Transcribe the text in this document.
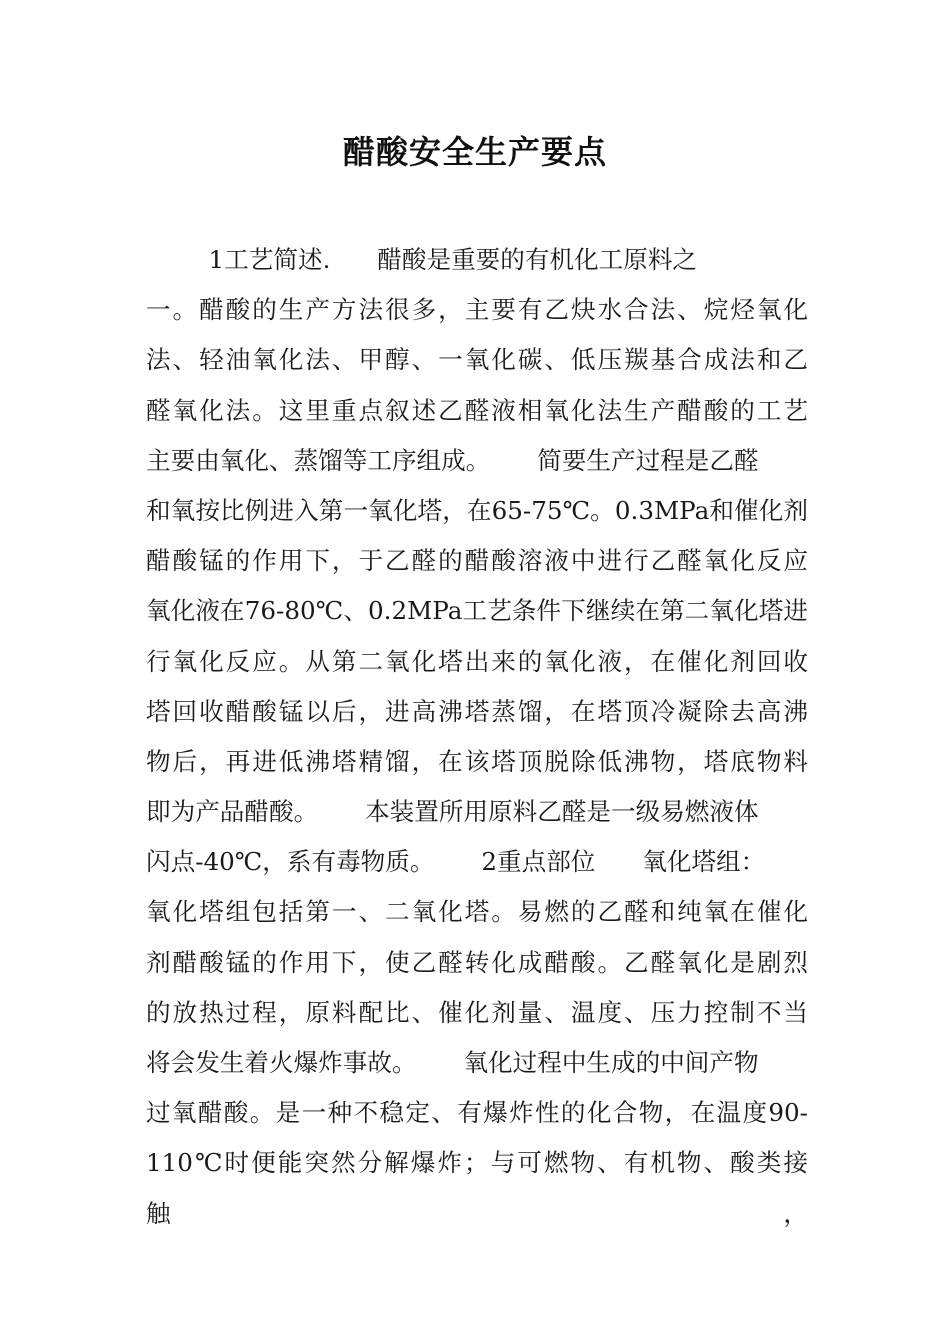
醋酸安全生产要点
1工艺简述.      醋酸是重要的有机化工原料之
一。醋酸的生产方法很多，主要有乙炔水合法、烷烃氧化
法、轻油氧化法、甲醇、一氧化碳、低压羰基合成法和乙
醛氧化法。这里重点叙述乙醛液相氧化法生产醋酸的工艺
主要由氧化、蒸馏等工序组成。      简要生产过程是乙醛
和氧按比例进入第一氧化塔，在65-75℃。0.3MPa和催化剂
醋酸锰的作用下，于乙醛的醋酸溶液中进行乙醛氧化反应
氧化液在76-80℃、0.2MPa工艺条件下继续在第二氧化塔进
行氧化反应。从第二氧化塔出来的氧化液，在催化剂回收
塔回收醋酸锰以后，进高沸塔蒸馏，在塔顶冷凝除去高沸
物后，再进低沸塔精馏，在该塔顶脱除低沸物，塔底物料
即为产品醋酸。      本装置所用原料乙醛是一级易燃液体
闪点-40℃，系有毒物质。      2重点部位      氧化塔组：
氧化塔组包括第一、二氧化塔。易燃的乙醛和纯氧在催化
剂醋酸锰的作用下，使乙醛转化成醋酸。乙醛氧化是剧烈
的放热过程，原料配比、催化剂量、温度、压力控制不当
将会发生着火爆炸事故。      氧化过程中生成的中间产物
过氧醋酸。是一种不稳定、有爆炸性的化合物，在温度90-
110℃时便能突然分解爆炸；与可燃物、有机物、酸类接触，
